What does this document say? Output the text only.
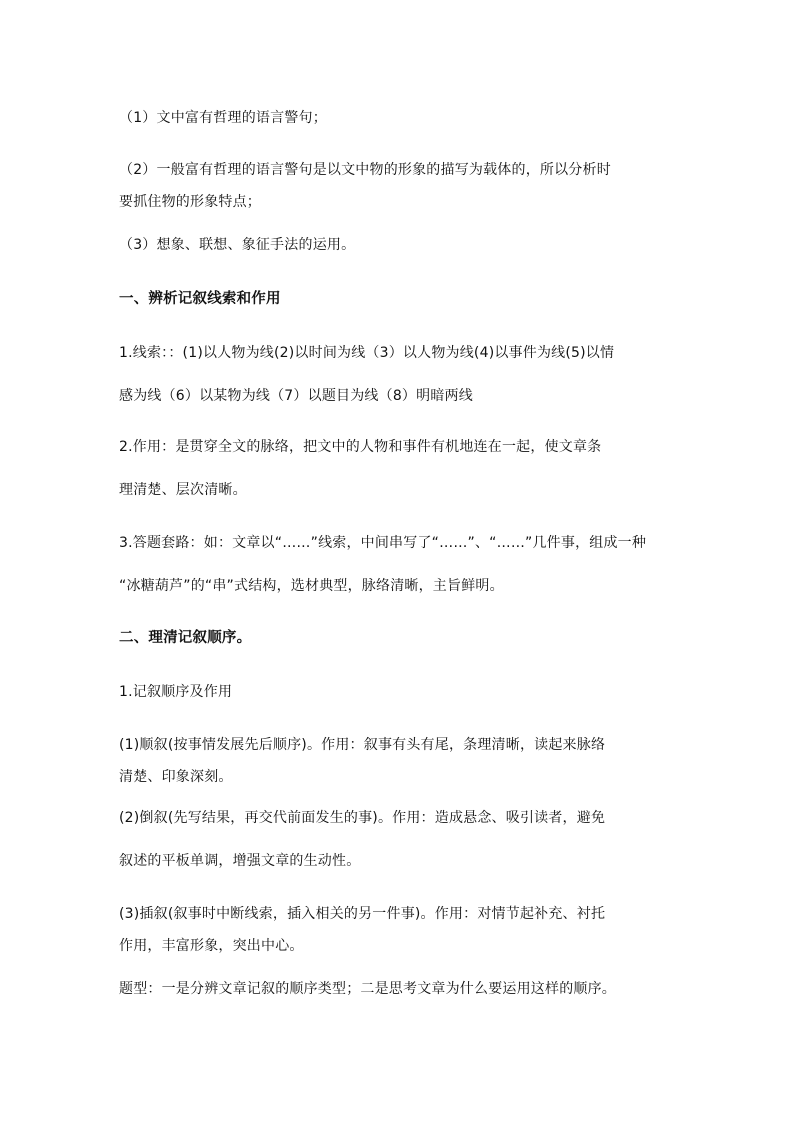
（1）文中富有哲理的语言警句；
（2）一般富有哲理的语言警句是以文中物的形象的描写为载体的，所以分析时
要抓住物的形象特点；
（3）想象、联想、象征手法的运用。
一、辨析记叙线索和作用
1.线索：：(1)以人物为线(2)以时间为线（3）以人物为线(4)以事件为线(5)以情
感为线（6）以某物为线（7）以题目为线（8）明暗两线
2.作用：是贯穿全文的脉络，把文中的人物和事件有机地连在一起，使文章条
理清楚、层次清晰。
3.答题套路：如：文章以“……”线索，中间串写了“……”、“……”几件事，组成一种
“冰糖葫芦”的“串”式结构，选材典型，脉络清晰，主旨鲜明。
二、理清记叙顺序。
1.记叙顺序及作用
(1)顺叙(按事情发展先后顺序)。作用：叙事有头有尾，条理清晰，读起来脉络
清楚、印象深刻。
(2)倒叙(先写结果，再交代前面发生的事)。作用：造成悬念、吸引读者，避免
叙述的平板单调，增强文章的生动性。
(3)插叙(叙事时中断线索，插入相关的另一件事)。作用：对情节起补充、衬托
作用，丰富形象，突出中心。
题型：一是分辨文章记叙的顺序类型；二是思考文章为什么要运用这样的顺序。
